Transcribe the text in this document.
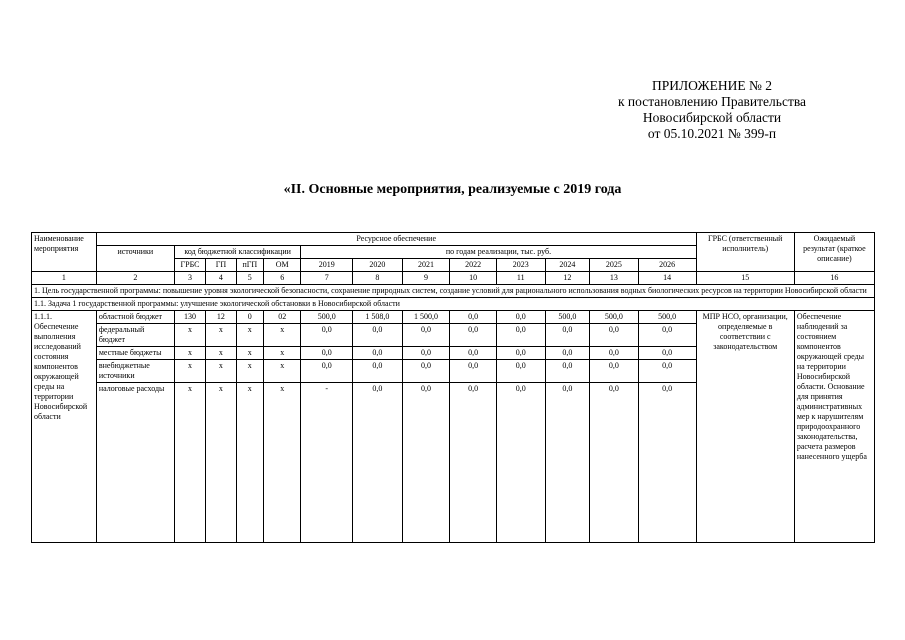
ПРИЛОЖЕНИЕ № 2
к постановлению Правительства
Новосибирской области
от 05.10.2021 № 399-п
«II. Основные мероприятия, реализуемые с 2019 года
Наименование мероприятия	Ресурсное обеспечение													ГРБС (ответственный исполнитель)	Ожидаемый результат (краткое описание)
	источники	код бюджетной классификации				по годам реализации, тыс. руб.									
		ГРБС	ГП	пГП	ОМ	2019	2020	2021	2022	2023	2024	2025	2026		
1	2	3	4	5	6	7	8	9	10	11	12	13	14	15	16
1. Цель государственной программы: повышение уровня экологической безопасности, сохранение природных систем, создание условий для рационального использования водных биологических ресурсов на территории Новосибирской области															
1.1. Задача 1 государственной программы: улучшение экологической обстановки в Новосибирской области															
1.1.1. Обеспечение выполнения исследований состояния компонентов окружающей среды на территории Новосибирской области	областной бюджет	130	12	0	02	500,0	1 508,0	1 500,0	0,0	0,0	500,0	500,0	500,0	МПР НСО, организации, определяемые в соответствии с законодательством	Обеспечение наблюдений за состоянием компонентов окружающей среды на территории Новосибирской области. Основание для принятия административных мер к нарушителям природоохранного законодательства, расчета размеров нанесенного ущерба
	федеральный бюджет	х	х	х	х	0,0	0,0	0,0	0,0	0,0	0,0	0,0	0,0		
	местные бюджеты	х	х	х	х	0,0	0,0	0,0	0,0	0,0	0,0	0,0	0,0		
	внебюджетные источники	х	х	х	х	0,0	0,0	0,0	0,0	0,0	0,0	0,0	0,0		
	налоговые расходы	х	х	х	х	-	0,0	0,0	0,0	0,0	0,0	0,0	0,0		
